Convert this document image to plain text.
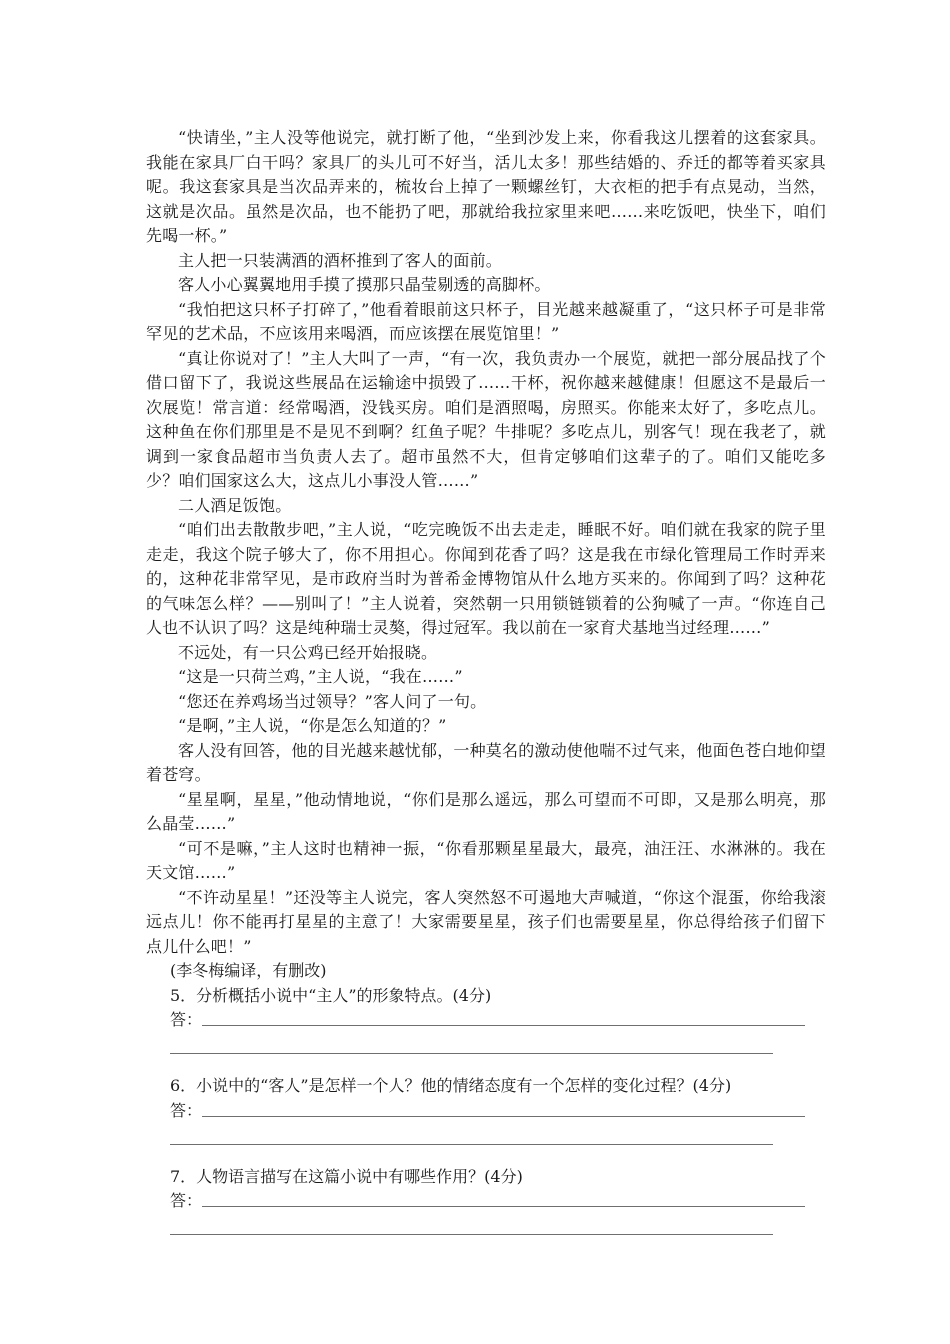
“快请坐，”主人没等他说完，就打断了他，“坐到沙发上来，你看我这儿摆着的这套家具。我能在家具厂白干吗？家具厂的头儿可不好当，活儿太多！那些结婚的、乔迁的都等着买家具呢。我这套家具是当次品弄来的，梳妆台上掉了一颗螺丝钉，大衣柜的把手有点晃动，当然，这就是次品。虽然是次品，也不能扔了吧，那就给我拉家里来吧……来吃饭吧，快坐下，咱们先喝一杯。”

主人把一只装满酒的酒杯推到了客人的面前。

客人小心翼翼地用手摸了摸那只晶莹剔透的高脚杯。

“我怕把这只杯子打碎了，”他看着眼前这只杯子，目光越来越凝重了，“这只杯子可是非常罕见的艺术品，不应该用来喝酒，而应该摆在展览馆里！”

“真让你说对了！”主人大叫了一声，“有一次，我负责办一个展览，就把一部分展品找了个借口留下了，我说这些展品在运输途中损毁了……干杯，祝你越来越健康！但愿这不是最后一次展览！常言道：经常喝酒，没钱买房。咱们是酒照喝，房照买。你能来太好了，多吃点儿。这种鱼在你们那里是不是见不到啊？红鱼子呢？牛排呢？多吃点儿，别客气！现在我老了，就调到一家食品超市当负责人去了。超市虽然不大，但肯定够咱们这辈子的了。咱们又能吃多少？咱们国家这么大，这点儿小事没人管……”

二人酒足饭饱。

“咱们出去散散步吧，”主人说，“吃完晚饭不出去走走，睡眠不好。咱们就在我家的院子里走走，我这个院子够大了，你不用担心。你闻到花香了吗？这是我在市绿化管理局工作时弄来的，这种花非常罕见，是市政府当时为普希金博物馆从什么地方买来的。你闻到了吗？这种花的气味怎么样？——别叫了！”主人说着，突然朝一只用锁链锁着的公狗喊了一声。“你连自己人也不认识了吗？这是纯种瑞士灵獒，得过冠军。我以前在一家育犬基地当过经理……”

不远处，有一只公鸡已经开始报晓。

“这是一只荷兰鸡，”主人说，“我在……”

“您还在养鸡场当过领导？”客人问了一句。

“是啊，”主人说，“你是怎么知道的？”

客人没有回答，他的目光越来越忧郁，一种莫名的激动使他喘不过气来，他面色苍白地仰望着苍穹。

“星星啊，星星，”他动情地说，“你们是那么遥远，那么可望而不可即，又是那么明亮，那么晶莹……”

“可不是嘛，”主人这时也精神一振，“你看那颗星星最大，最亮，油汪汪、水淋淋的。我在天文馆……”

“不许动星星！”还没等主人说完，客人突然怒不可遏地大声喊道，“你这个混蛋，你给我滚远点儿！你不能再打星星的主意了！大家需要星星，孩子们也需要星星，你总得给孩子们留下点儿什么吧！”

(李冬梅编译，有删改)

5．分析概括小说中“主人”的形象特点。(4分)
答：
6．小说中的“客人”是怎样一个人？他的情绪态度有一个怎样的变化过程？(4分)
答：
7．人物语言描写在这篇小说中有哪些作用？(4分)
答：
